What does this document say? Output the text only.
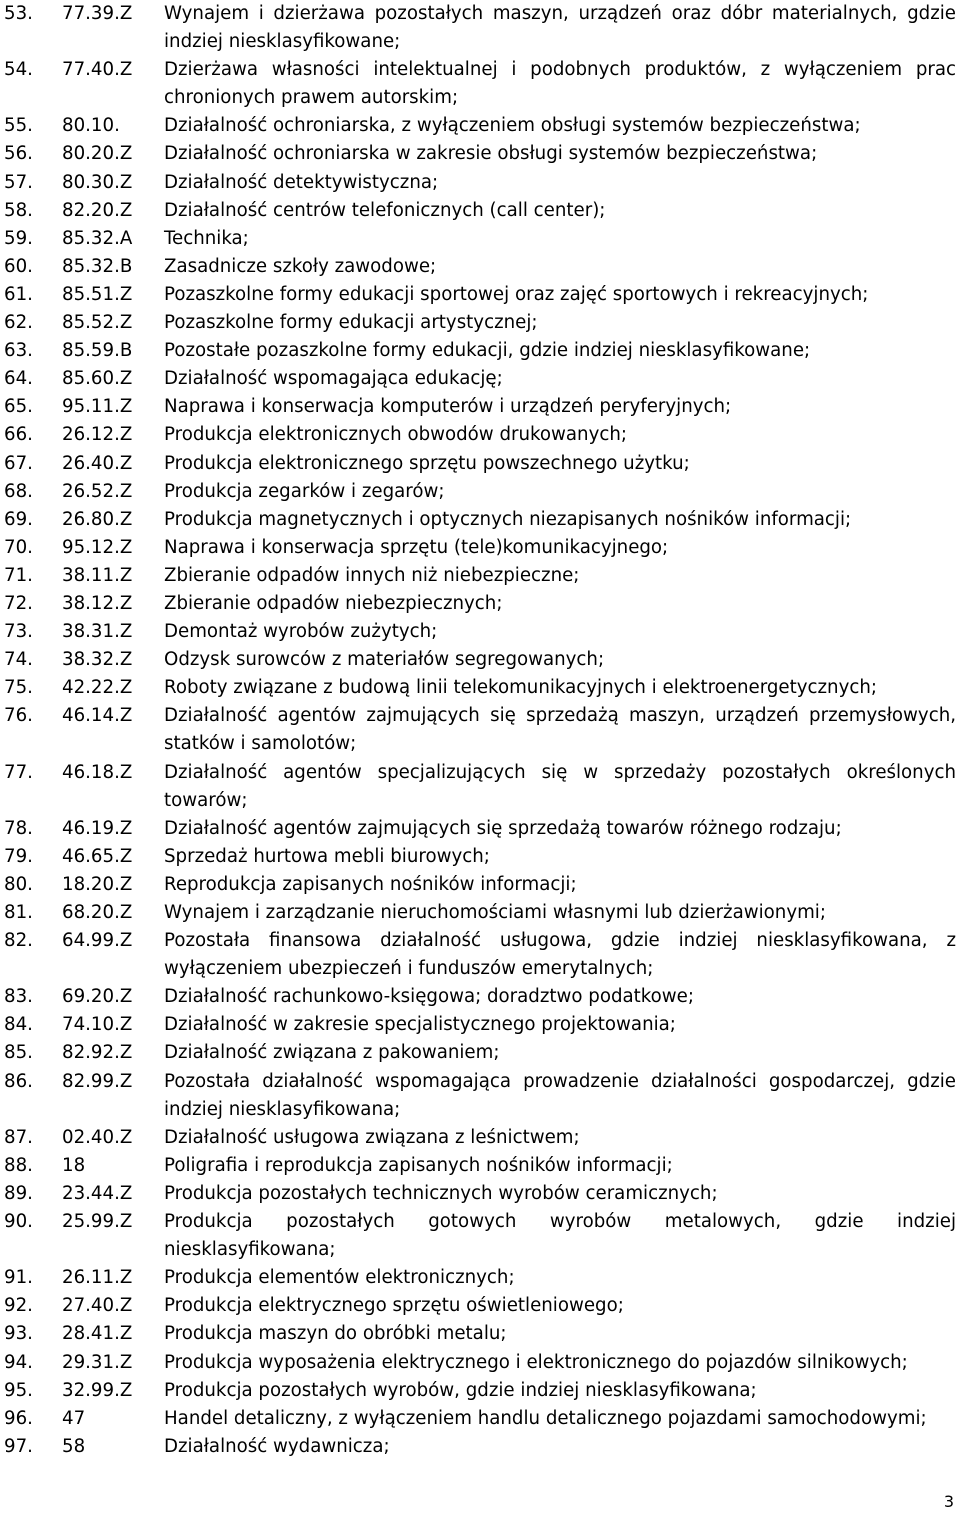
53.	77.39.Z	Wynajem i dzierżawa pozostałych maszyn, urządzeń oraz dóbr materialnych, gdzie indziej niesklasyfikowane;
54.	77.40.Z	Dzierżawa własności intelektualnej i podobnych produktów, z wyłączeniem prac chronionych prawem autorskim;
55.	80.10.	Działalność ochroniarska, z wyłączeniem obsługi systemów bezpieczeństwa;
56.	80.20.Z	Działalność ochroniarska w zakresie obsługi systemów bezpieczeństwa;
57.	80.30.Z	Działalność detektywistyczna;
58.	82.20.Z	Działalność centrów telefonicznych (call center);
59.	85.32.A	Technika;
60.	85.32.B	Zasadnicze szkoły zawodowe;
61.	85.51.Z	Pozaszkolne formy edukacji sportowej oraz zajęć sportowych i rekreacyjnych;
62.	85.52.Z	Pozaszkolne formy edukacji artystycznej;
63.	85.59.B	Pozostałe pozaszkolne formy edukacji, gdzie indziej niesklasyfikowane;
64.	85.60.Z	Działalność wspomagająca edukację;
65.	95.11.Z	Naprawa i konserwacja komputerów i urządzeń peryferyjnych;
66.	26.12.Z	Produkcja elektronicznych obwodów drukowanych;
67.	26.40.Z	Produkcja elektronicznego sprzętu powszechnego użytku;
68.	26.52.Z	Produkcja zegarków i zegarów;
69.	26.80.Z	Produkcja magnetycznych i optycznych niezapisanych nośników informacji;
70.	95.12.Z	Naprawa i konserwacja sprzętu (tele)komunikacyjnego;
71.	38.11.Z	Zbieranie odpadów innych niż niebezpieczne;
72.	38.12.Z	Zbieranie odpadów niebezpiecznych;
73.	38.31.Z	Demontaż wyrobów zużytych;
74.	38.32.Z	Odzysk surowców z materiałów segregowanych;
75.	42.22.Z	Roboty związane z budową linii telekomunikacyjnych i elektroenergetycznych;
76.	46.14.Z	Działalność agentów zajmujących się sprzedażą maszyn, urządzeń przemysłowych, statków i samolotów;
77.	46.18.Z	Działalność agentów specjalizujących się w sprzedaży pozostałych określonych towarów;
78.	46.19.Z	Działalność agentów zajmujących się sprzedażą towarów różnego rodzaju;
79.	46.65.Z	Sprzedaż hurtowa mebli biurowych;
80.	18.20.Z	Reprodukcja zapisanych nośników informacji;
81.	68.20.Z	Wynajem i zarządzanie nieruchomościami własnymi lub dzierżawionymi;
82.	64.99.Z	Pozostała finansowa działalność usługowa, gdzie indziej niesklasyfikowana, z wyłączeniem ubezpieczeń i funduszów emerytalnych;
83.	69.20.Z	Działalność rachunkowo-księgowa; doradztwo podatkowe;
84.	74.10.Z	Działalność w zakresie specjalistycznego projektowania;
85.	82.92.Z	Działalność związana z pakowaniem;
86.	82.99.Z	Pozostała działalność wspomagająca prowadzenie działalności gospodarczej, gdzie indziej niesklasyfikowana;
87.	02.40.Z	Działalność usługowa związana z leśnictwem;
88.	18	Poligrafia i reprodukcja zapisanych nośników informacji;
89.	23.44.Z	Produkcja pozostałych technicznych wyrobów ceramicznych;
90.	25.99.Z	Produkcja pozostałych gotowych wyrobów metalowych, gdzie indziej niesklasyfikowana;
91.	26.11.Z	Produkcja elementów elektronicznych;
92.	27.40.Z	Produkcja elektrycznego sprzętu oświetleniowego;
93.	28.41.Z	Produkcja maszyn do obróbki metalu;
94.	29.31.Z	Produkcja wyposażenia elektrycznego i elektronicznego do pojazdów silnikowych;
95.	32.99.Z	Produkcja pozostałych wyrobów, gdzie indziej niesklasyfikowana;
96.	47	Handel detaliczny, z wyłączeniem handlu detalicznego pojazdami samochodowymi;
97.	58	Działalność wydawnicza;
3
